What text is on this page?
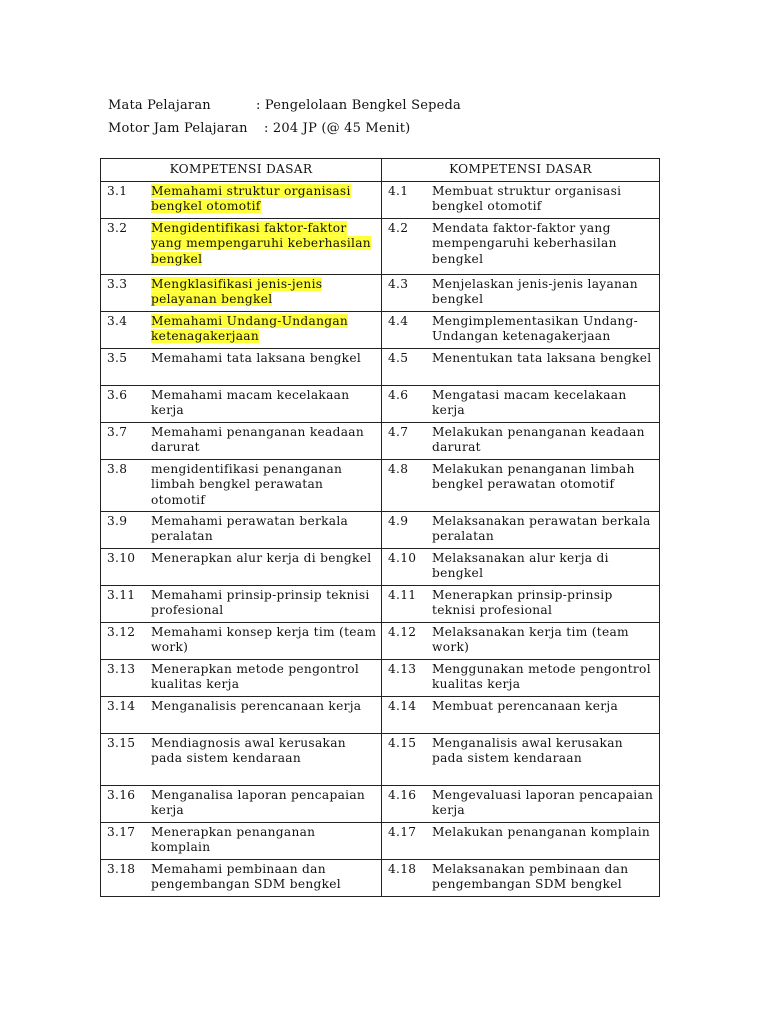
Mata Pelajaran	: Pengelolaan Bengkel Sepeda
Motor Jam Pelajaran : 204 JP (@ 45 Menit)
KOMPETENSI DASAR	KOMPETENSI DASAR

3.1 Memahami struktur organisasi bengkel otomotif	4.1 Membuat struktur organisasi bengkel otomotif

3.2 Mengidentifikasi faktor-faktor yang mempengaruhi keberhasilan bengkel	4.2 Mendata faktor-faktor yang mempengaruhi keberhasilan bengkel

3.3 Mengklasifikasi jenis-jenis pelayanan bengkel	4.3 Menjelaskan jenis-jenis layanan bengkel

3.4 Memahami Undang-Undangan ketenagakerjaan	4.4 Mengimplementasikan Undang-Undangan ketenagakerjaan

3.5 Memahami tata laksana bengkel	4.5 Menentukan tata laksana bengkel

3.6 Memahami macam kecelakaan kerja	4.6 Mengatasi macam kecelakaan kerja

3.7 Memahami penanganan keadaan darurat	4.7 Melakukan penanganan keadaan darurat

3.8 mengidentifikasi penanganan limbah bengkel perawatan otomotif	4.8 Melakukan penanganan limbah bengkel perawatan otomotif

3.9 Memahami perawatan berkala peralatan	4.9 Melaksanakan perawatan berkala peralatan

3.10 Menerapkan alur kerja di bengkel	4.10 Melaksanakan alur kerja di bengkel

3.11 Memahami prinsip-prinsip teknisi profesional	4.11 Menerapkan prinsip-prinsip teknisi profesional

3.12 Memahami konsep kerja tim (team work)	4.12 Melaksanakan kerja tim (team work)

3.13 Menerapkan metode pengontrol kualitas kerja	4.13 Menggunakan metode pengontrol kualitas kerja

3.14 Menganalisis perencanaan kerja	4.14 Membuat perencanaan kerja

3.15 Mendiagnosis awal kerusakan pada sistem kendaraan	4.15 Menganalisis awal kerusakan pada sistem kendaraan

3.16 Menganalisa laporan pencapaian kerja	4.16 Mengevaluasi laporan pencapaian kerja

3.17 Menerapkan penanganan komplain	4.17 Melakukan penanganan komplain

3.18 Memahami pembinaan dan pengembangan SDM bengkel	4.18 Melaksanakan pembinaan dan pengembangan SDM bengkel
